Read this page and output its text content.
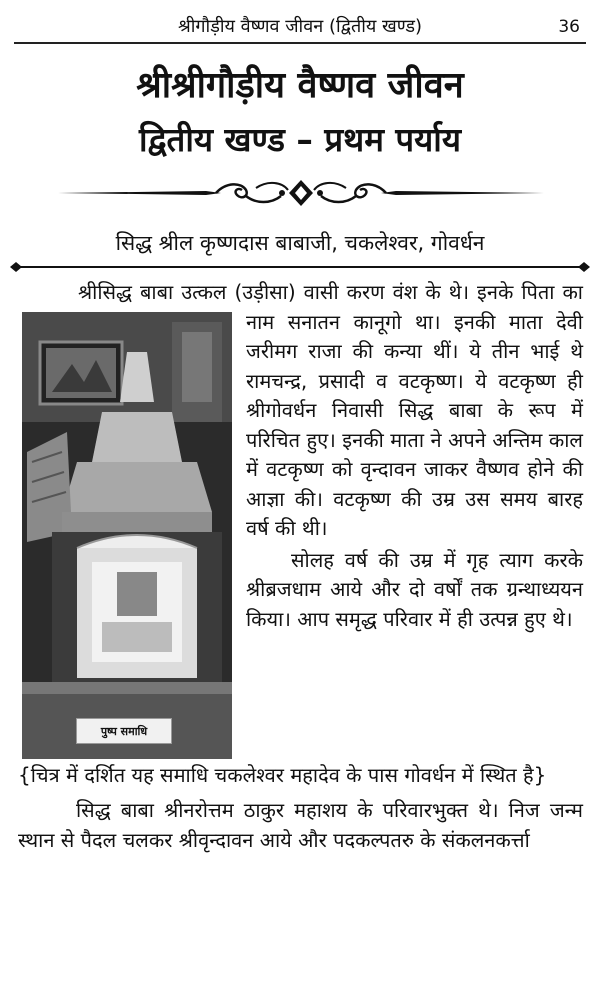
श्रीगौड़ीय वैष्णव जीवन (द्वितीय खण्ड)	36
श्रीश्रीगौड़ीय वैष्णव जीवन
द्वितीय खण्ड – प्रथम पर्याय
सिद्ध श्रील कृष्णदास बाबाजी, चकलेश्वर, गोवर्धन
श्रीसिद्ध बाबा उत्कल (उड़ीसा) वासी करण वंश के थे। इनके पिता का नाम सनातन कानूगो था। इनकी
पुष्प समाधि
माता देवी जरीमग राजा की कन्या थीं। ये तीन भाई थे रामचन्द्र, प्रसादी व वटकृष्ण। ये वटकृष्ण ही श्रीगोवर्धन निवासी सिद्ध बाबा के रूप में परिचित हुए। इनकी माता ने अपने अन्तिम काल में वटकृष्ण को वृन्दावन जाकर वैष्णव होने की आज्ञा की। वटकृष्ण की उम्र उस समय बारह वर्ष की थी।
सोलह वर्ष की उम्र में गृह त्याग करके श्रीब्रजधाम आये और दो वर्षों तक ग्रन्थाध्ययन किया। आप समृद्ध परिवार में ही उत्पन्न हुए थे।
{चित्र में दर्शित यह समाधि चकलेश्वर महादेव के पास गोवर्धन में स्थित है}
सिद्ध बाबा श्रीनरोत्तम ठाकुर महाशय के परिवारभुक्त थे। निज जन्म स्थान से पैदल चलकर श्रीवृन्दावन आये और पदकल्पतरु के संकलनकर्त्ता
